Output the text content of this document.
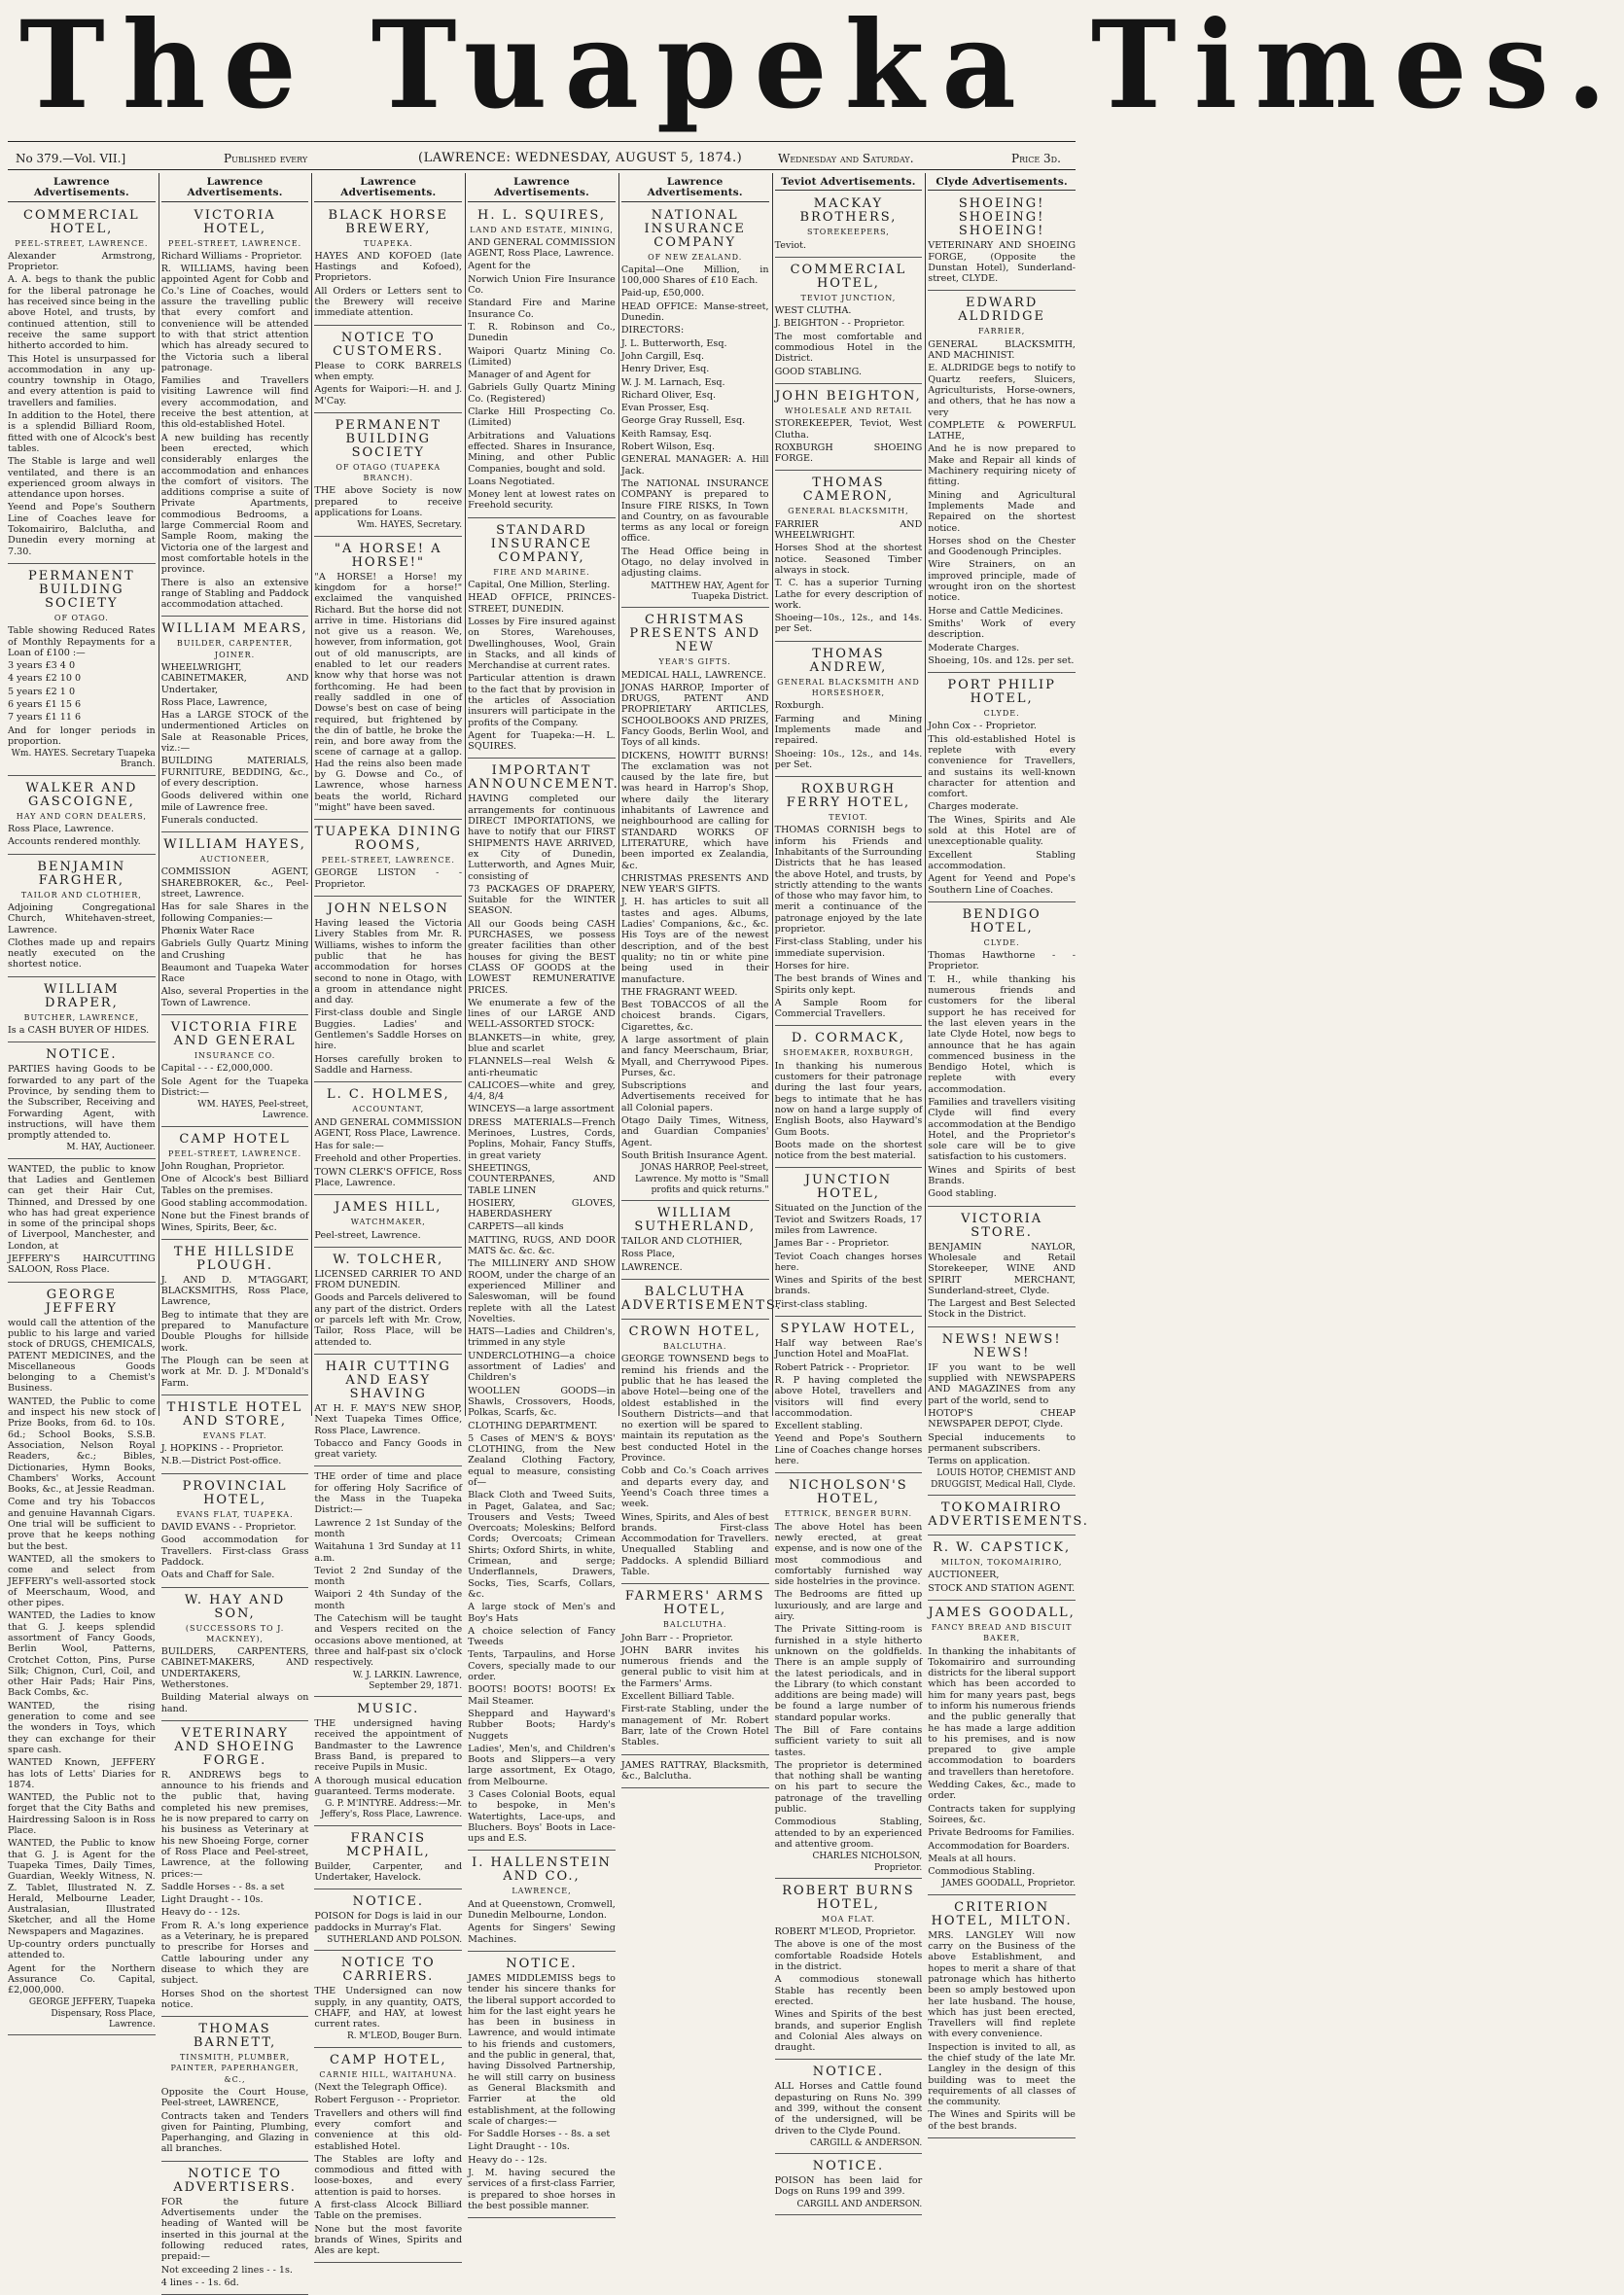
The Tuapeka Times.
No 379.—Vol. VII.]	Published every	(LAWRENCE: WEDNESDAY, AUGUST 5, 1874.)	Wednesday and Saturday.	Price 3d.
Lawrence Advertisements.
COMMERCIAL HOTEL,
PEEL-STREET, LAWRENCE.

Alexander Armstrong, Proprietor.

A. A. begs to thank the public for the liberal patronage he has received since being in the above Hotel, and trusts, by continued attention, still to receive the same support hitherto accorded to him.

This Hotel is unsurpassed for accommodation in any up-country township in Otago, and every attention is paid to travellers and families.

In addition to the Hotel, there is a splendid Billiard Room, fitted with one of Alcock's best tables.

The Stable is large and well ventilated, and there is an experienced groom always in attendance upon horses.

Yeend and Pope's Southern Line of Coaches leave for Tokomairiro, Balclutha, and Dunedin every morning at 7.30.

PERMANENT BUILDING SOCIETY
OF OTAGO.

Table showing Reduced Rates of Monthly Repayments for a Loan of £100 :—

3 years £3 4 0

4 years £2 10 0

5 years £2 1 0

6 years £1 15 6

7 years £1 11 6

And for longer periods in proportion.

Wm. HAYES. Secretary Tuapeka Branch.
WALKER AND GASCOIGNE,
HAY AND CORN DEALERS,

Ross Place, Lawrence.

Accounts rendered monthly.

BENJAMIN FARGHER,
TAILOR AND CLOTHIER,

Adjoining Congregational Church, Whitehaven-street, Lawrence.

Clothes made up and repairs neatly executed on the shortest notice.

WILLIAM DRAPER,
BUTCHER, LAWRENCE,

Is a CASH BUYER OF HIDES.

NOTICE.

PARTIES having Goods to be forwarded to any part of the Province, by sending them to the Subscriber, Receiving and Forwarding Agent, with instructions, will have them promptly attended to.

M. HAY, Auctioneer.

WANTED, the public to know that Ladies and Gentlemen can get their Hair Cut, Thinned, and Dressed by one who has had great experience in some of the principal shops of Liverpool, Manchester, and London, at

JEFFERY'S HAIRCUTTING SALOON, Ross Place.

GEORGE JEFFERY

would call the attention of the public to his large and varied stock of DRUGS, CHEMICALS, PATENT MEDICINES, and the Miscellaneous Goods belonging to a Chemist's Business.

WANTED, the Public to come and inspect his new stock of Prize Books, from 6d. to 10s. 6d.; School Books, S.S.B. Association, Nelson Royal Readers, &c.; Bibles, Dictionaries, Hymn Books, Chambers' Works, Account Books, &c., at Jessie Readman.

Come and try his Tobaccos and genuine Havannah Cigars. One trial will be sufficient to prove that he keeps nothing but the best.

WANTED, all the smokers to come and select from JEFFERY's well-assorted stock of Meerschaum, Wood, and other pipes.

WANTED, the Ladies to know that G. J. keeps splendid assortment of Fancy Goods, Berlin Wool, Patterns, Crotchet Cotton, Pins, Purse Silk; Chignon, Curl, Coil, and other Hair Pads; Hair Pins, Back Combs, &c.

WANTED, the rising generation to come and see the wonders in Toys, which they can exchange for their spare cash.

WANTED Known, JEFFERY has lots of Letts' Diaries for 1874.

WANTED, the Public not to forget that the City Baths and Hairdressing Saloon is in Ross Place.

WANTED, the Public to know that G. J. is Agent for the Tuapeka Times, Daily Times, Guardian, Weekly Witness, N. Z. Tablet, Illustrated N. Z. Herald, Melbourne Leader, Australasian, Illustrated Sketcher, and all the Home Newspapers and Magazines.

Up-country orders punctually attended to.

Agent for the Northern Assurance Co. Capital, £2,000,000.

GEORGE JEFFERY, Tuapeka Dispensary, Ross Place, Lawrence.
Lawrence Advertisements.
VICTORIA HOTEL,
PEEL-STREET, LAWRENCE.

Richard Williams - Proprietor.

R. WILLIAMS, having been appointed Agent for Cobb and Co.'s Line of Coaches, would assure the travelling public that every comfort and convenience will be attended to with that strict attention which has already secured to the Victoria such a liberal patronage.

Families and Travellers visiting Lawrence will find every accommodation, and receive the best attention, at this old-established Hotel.

A new building has recently been erected, which considerably enlarges the accommodation and enhances the comfort of visitors. The additions comprise a suite of Private Apartments, commodious Bedrooms, a large Commercial Room and Sample Room, making the Victoria one of the largest and most comfortable hotels in the province.

There is also an extensive range of Stabling and Paddock accommodation attached.

WILLIAM MEARS,
BUILDER, CARPENTER, JOINER.

WHEELWRIGHT, CABINETMAKER, AND Undertaker,

Ross Place, Lawrence,

Has a LARGE STOCK of the undermentioned Articles on Sale at Reasonable Prices, viz.:—

BUILDING MATERIALS, FURNITURE, BEDDING, &c., of every description.

Goods delivered within one mile of Lawrence free.

Funerals conducted.

WILLIAM HAYES,
AUCTIONEER,

COMMISSION AGENT, SHAREBROKER, &c., Peel-street, Lawrence.

Has for sale Shares in the following Companies:—

Phœnix Water Race

Gabriels Gully Quartz Mining and Crushing

Beaumont and Tuapeka Water Race

Also, several Properties in the Town of Lawrence.

VICTORIA FIRE AND GENERAL
INSURANCE CO.

Capital - - - £2,000,000.

Sole Agent for the Tuapeka District:—

WM. HAYES, Peel-street, Lawrence.
CAMP HOTEL
PEEL-STREET, LAWRENCE.

John Roughan, Proprietor.

One of Alcock's best Billiard Tables on the premises.

Good stabling accommodation.

None but the Finest brands of Wines, Spirits, Beer, &c.

THE HILLSIDE PLOUGH.

J. AND D. M'TAGGART, BLACKSMITHS, Ross Place, Lawrence,

Beg to intimate that they are prepared to Manufacture Double Ploughs for hillside work.

The Plough can be seen at work at Mr. D. J. M'Donald's Farm.

THISTLE HOTEL AND STORE,
EVANS FLAT.

J. HOPKINS - - Proprietor.

N.B.—District Post-office.

PROVINCIAL HOTEL,
EVANS FLAT, TUAPEKA.

DAVID EVANS - - Proprietor.

Good accommodation for Travellers. First-class Grass Paddock.

Oats and Chaff for Sale.

W. HAY AND SON,
(SUCCESSORS TO J. MACKNEY),

BUILDERS, CARPENTERS, CABINET-MAKERS, AND UNDERTAKERS, Wetherstones.

Building Material always on hand.

VETERINARY AND SHOEING FORGE.

R. ANDREWS begs to announce to his friends and the public that, having completed his new premises, he is now prepared to carry on his business as Veterinary at his new Shoeing Forge, corner of Ross Place and Peel-street, Lawrence, at the following prices:—

Saddle Horses - - 8s. a set

Light Draught - - 10s.

Heavy do - - 12s.

From R. A.'s long experience as a Veterinary, he is prepared to prescribe for Horses and Cattle labouring under any disease to which they are subject.

Horses Shod on the shortest notice.

THOMAS BARNETT,
TINSMITH, PLUMBER, PAINTER, PAPERHANGER, &C.,

Opposite the Court House, Peel-street, LAWRENCE,

Contracts taken and Tenders given for Painting, Plumbing, Paperhanging, and Glazing in all branches.

NOTICE TO ADVERTISERS.

FOR the future Advertisements under the heading of Wanted will be inserted in this journal at the following reduced rates, prepaid:—

Not exceeding 2 lines - - 1s.

4 lines - - 1s. 6d.

Lawrence Advertisements.
BLACK HORSE BREWERY,
TUAPEKA.

HAYES AND KOFOED (late Hastings and Kofoed), Proprietors.

All Orders or Letters sent to the Brewery will receive immediate attention.

NOTICE TO CUSTOMERS.

Please to CORK BARRELS when empty.

Agents for Waipori:—H. and J. M'Cay.

PERMANENT BUILDING SOCIETY
OF OTAGO (TUAPEKA BRANCH).

THE above Society is now prepared to receive applications for Loans.

Wm. HAYES, Secretary.
"A HORSE! A HORSE!"

"A HORSE! a Horse! my kingdom for a horse!" exclaimed the vanquished Richard. But the horse did not arrive in time. Historians did not give us a reason. We, however, from information, got out of old manuscripts, are enabled to let our readers know why that horse was not forthcoming. He had been really saddled in one of Dowse's best on case of being required, but frightened by the din of battle, he broke the rein, and bore away from the scene of carnage at a gallop. Had the reins also been made by G. Dowse and Co., of Lawrence, whose harness beats the world, Richard "might" have been saved.

TUAPEKA DINING ROOMS,
PEEL-STREET, LAWRENCE.

GEORGE LISTON - - Proprietor.

JOHN NELSON

Having leased the Victoria Livery Stables from Mr. R. Williams, wishes to inform the public that he has accommodation for horses second to none in Otago, with a groom in attendance night and day.

First-class double and Single Buggies. Ladies' and Gentlemen's Saddle Horses on hire.

Horses carefully broken to Saddle and Harness.

L. C. HOLMES,
ACCOUNTANT,

AND GENERAL COMMISSION AGENT, Ross Place, Lawrence.

Has for sale:—

Freehold and other Properties.

TOWN CLERK'S OFFICE, Ross Place, Lawrence.

JAMES HILL,
WATCHMAKER,

Peel-street, Lawrence.

W. TOLCHER,

LICENSED CARRIER TO AND FROM DUNEDIN.

Goods and Parcels delivered to any part of the district. Orders or parcels left with Mr. Crow, Tailor, Ross Place, will be attended to.

HAIR CUTTING AND EASY SHAVING

AT H. F. MAY'S NEW SHOP, Next Tuapeka Times Office, Ross Place, Lawrence.

Tobacco and Fancy Goods in great variety.

THE order of time and place for offering Holy Sacrifice of the Mass in the Tuapeka District:—

Lawrence 2 1st Sunday of the month

Waitahuna 1 3rd Sunday at 11 a.m.

Teviot 2 2nd Sunday of the month

Waipori 2 4th Sunday of the month

The Catechism will be taught and Vespers recited on the occasions above mentioned, at three and half-past six o'clock respectively.

W. J. LARKIN. Lawrence, September 29, 1871.
MUSIC.

THE undersigned having received the appointment of Bandmaster to the Lawrence Brass Band, is prepared to receive Pupils in Music.

A thorough musical education guaranteed. Terms moderate.

G. P. M'INTYRE. Address:—Mr. Jeffery's, Ross Place, Lawrence.
FRANCIS MCPHAIL,

Builder, Carpenter, and Undertaker, Havelock.

NOTICE.

POISON for Dogs is laid in our paddocks in Murray's Flat.

SUTHERLAND AND POLSON.
NOTICE TO CARRIERS.

THE Undersigned can now supply, in any quantity, OATS, CHAFF, and HAY, at lowest current rates.

R. M'LEOD, Bouger Burn.
CAMP HOTEL,
CARNIE HILL, WAITAHUNA.

(Next the Telegraph Office).

Robert Ferguson - - Proprietor.

Travellers and others will find every comfort and convenience at this old-established Hotel.

The Stables are lofty and commodious and fitted with loose-boxes, and every attention is paid to horses.

A first-class Alcock Billiard Table on the premises.

None but the most favorite brands of Wines, Spirits and Ales are kept.

Lawrence Advertisements.
H. L. SQUIRES,
LAND AND ESTATE, MINING,

AND GENERAL COMMISSION AGENT, Ross Place, Lawrence.

Agent for the

Norwich Union Fire Insurance Co.

Standard Fire and Marine Insurance Co.

T. R. Robinson and Co., Dunedin

Waipori Quartz Mining Co. (Limited)

Manager of and Agent for

Gabriels Gully Quartz Mining Co. (Registered)

Clarke Hill Prospecting Co. (Limited)

Arbitrations and Valuations effected. Shares in Insurance, Mining, and other Public Companies, bought and sold.

Loans Negotiated.

Money lent at lowest rates on Freehold security.

STANDARD INSURANCE COMPANY,
FIRE AND MARINE.

Capital, One Million, Sterling.

HEAD OFFICE, PRINCES-STREET, DUNEDIN.

Losses by Fire insured against on Stores, Warehouses, Dwellinghouses, Wool, Grain in Stacks, and all kinds of Merchandise at current rates.

Particular attention is drawn to the fact that by provision in the articles of Association insurers will participate in the profits of the Company.

Agent for Tuapeka:—H. L. SQUIRES.

IMPORTANT ANNOUNCEMENT.

HAVING completed our arrangements for continuous DIRECT IMPORTATIONS, we have to notify that our FIRST SHIPMENTS HAVE ARRIVED, ex City of Dunedin, Lutterworth, and Agnes Muir, consisting of

73 PACKAGES OF DRAPERY, Suitable for the WINTER SEASON.

All our Goods being CASH PURCHASES, we possess greater facilities than other houses for giving the BEST CLASS OF GOODS at the LOWEST REMUNERATIVE PRICES.

We enumerate a few of the lines of our LARGE AND WELL-ASSORTED STOCK:

BLANKETS—in white, grey, blue and scarlet

FLANNELS—real Welsh & anti-rheumatic

CALICOES—white and grey, 4/4, 8/4

WINCEYS—a large assortment

DRESS MATERIALS—French Merinoes, Lustres, Cords, Poplins, Mohair, Fancy Stuffs, in great variety

SHEETINGS, COUNTERPANES, AND TABLE LINEN

HOSIERY, GLOVES, HABERDASHERY

CARPETS—all kinds

MATTING, RUGS, AND DOOR MATS &c. &c. &c.

The MILLINERY AND SHOW ROOM, under the charge of an experienced Milliner and Saleswoman, will be found replete with all the Latest Novelties.

HATS—Ladies and Children's, trimmed in any style

UNDERCLOTHING—a choice assortment of Ladies' and Children's

WOOLLEN GOODS—in Shawls, Crossovers, Hoods, Polkas, Scarfs, &c.

CLOTHING DEPARTMENT.

5 Cases of MEN'S & BOYS' CLOTHING, from the New Zealand Clothing Factory, equal to measure, consisting of—

Black Cloth and Tweed Suits, in Paget, Galatea, and Sac; Trousers and Vests; Tweed Overcoats; Moleskins; Belford Cords; Overcoats; Crimean Shirts; Oxford Shirts, in white, Crimean, and serge; Underflannels, Drawers, Socks, Ties, Scarfs, Collars, &c.

A large stock of Men's and Boy's Hats

A choice selection of Fancy Tweeds

Tents, Tarpaulins, and Horse Covers, specially made to our order.

BOOTS! BOOTS! BOOTS! Ex Mail Steamer.

Sheppard and Hayward's Rubber Boots; Hardy's Nuggets

Ladies', Men's, and Children's Boots and Slippers—a very large assortment, Ex Otago, from Melbourne.

3 Cases Colonial Boots, equal to bespoke, in Men's Watertights, Lace-ups, and Bluchers. Boys' Boots in Lace-ups and E.S.

I. HALLENSTEIN AND CO.,
LAWRENCE,

And at Queenstown, Cromwell, Dunedin Melbourne, London.

Agents for Singers' Sewing Machines.

NOTICE.

JAMES MIDDLEMISS begs to tender his sincere thanks for the liberal support accorded to him for the last eight years he has been in business in Lawrence, and would intimate to his friends and customers, and the public in general, that, having Dissolved Partnership, he will still carry on business as General Blacksmith and Farrier at the old establishment, at the following scale of charges:—

For Saddle Horses - - 8s. a set

Light Draught - - 10s.

Heavy do - - 12s.

J. M. having secured the services of a first-class Farrier, is prepared to shoe horses in the best possible manner.

Lawrence Advertisements.
NATIONAL INSURANCE COMPANY
OF NEW ZEALAND.

Capital—One Million, in 100,000 Shares of £10 Each.

Paid-up, £50,000.

HEAD OFFICE: Manse-street, Dunedin.

DIRECTORS:

J. L. Butterworth, Esq.

John Cargill, Esq.

Henry Driver, Esq.

W. J. M. Larnach, Esq.

Richard Oliver, Esq.

Evan Prosser, Esq.

George Gray Russell, Esq.

Keith Ramsay, Esq.

Robert Wilson, Esq.

GENERAL MANAGER: A. Hill Jack.

The NATIONAL INSURANCE COMPANY is prepared to Insure FIRE RISKS, In Town and Country, on as favourable terms as any local or foreign office.

The Head Office being in Otago, no delay involved in adjusting claims.

MATTHEW HAY, Agent for Tuapeka District.
CHRISTMAS PRESENTS AND NEW
YEAR'S GIFTS.

MEDICAL HALL, LAWRENCE.

JONAS HARROP, Importer of DRUGS, PATENT AND PROPRIETARY ARTICLES, SCHOOLBOOKS AND PRIZES, Fancy Goods, Berlin Wool, and Toys of all kinds.

DICKENS, HOWITT BURNS! The exclamation was not caused by the late fire, but was heard in Harrop's Shop, where daily the literary inhabitants of Lawrence and neighbourhood are calling for STANDARD WORKS OF LITERATURE, which have been imported ex Zealandia, &c.

CHRISTMAS PRESENTS AND NEW YEAR'S GIFTS.

J. H. has articles to suit all tastes and ages. Albums, Ladies' Companions, &c., &c. His Toys are of the newest description, and of the best quality; no tin or white pine being used in their manufacture.

THE FRAGRANT WEED.

Best TOBACCOS of all the choicest brands. Cigars, Cigarettes, &c.

A large assortment of plain and fancy Meerschaum, Briar, Myall, and Cherrywood Pipes. Purses, &c.

Subscriptions and Advertisements received for all Colonial papers.

Otago Daily Times, Witness, and Guardian Companies' Agent.

South British Insurance Agent.

JONAS HARROP, Peel-street, Lawrence. My motto is "Small profits and quick returns."
WILLIAM SUTHERLAND,

TAILOR AND CLOTHIER,

Ross Place,

LAWRENCE.

BALCLUTHA ADVERTISEMENTS.
CROWN HOTEL,
BALCLUTHA.

GEORGE TOWNSEND begs to remind his friends and the public that he has leased the above Hotel—being one of the oldest established in the Southern Districts—and that no exertion will be spared to maintain its reputation as the best conducted Hotel in the Province.

Cobb and Co.'s Coach arrives and departs every day, and Yeend's Coach three times a week.

Wines, Spirits, and Ales of best brands. First-class Accommodation for Travellers. Unequalled Stabling and Paddocks. A splendid Billiard Table.

FARMERS' ARMS HOTEL,
BALCLUTHA.

John Barr - - Proprietor.

JOHN BARR invites his numerous friends and the general public to visit him at the Farmers' Arms.

Excellent Billiard Table.

First-rate Stabling, under the management of Mr. Robert Barr, late of the Crown Hotel Stables.

JAMES RATTRAY, Blacksmith, &c., Balclutha.

Teviot Advertisements.
MACKAY BROTHERS,
STOREKEEPERS,

Teviot.

COMMERCIAL HOTEL,
TEVIOT JUNCTION,

WEST CLUTHA.

J. BEIGHTON - - Proprietor.

The most comfortable and commodious Hotel in the District.

GOOD STABLING.

JOHN BEIGHTON,
WHOLESALE AND RETAIL

STOREKEEPER, Teviot, West Clutha.

ROXBURGH SHOEING FORGE.

THOMAS CAMERON,
GENERAL BLACKSMITH,

FARRIER AND WHEELWRIGHT.

Horses Shod at the shortest notice. Seasoned Timber always in stock.

T. C. has a superior Turning Lathe for every description of work.

Shoeing—10s., 12s., and 14s. per Set.

THOMAS ANDREW,
GENERAL BLACKSMITH AND HORSESHOER,

Roxburgh.

Farming and Mining Implements made and repaired.

Shoeing: 10s., 12s., and 14s. per Set.

ROXBURGH FERRY HOTEL,
TEVIOT.

THOMAS CORNISH begs to inform his Friends and Inhabitants of the Surrounding Districts that he has leased the above Hotel, and trusts, by strictly attending to the wants of those who may favor him, to merit a continuance of the patronage enjoyed by the late proprietor.

First-class Stabling, under his immediate supervision.

Horses for hire.

The best brands of Wines and Spirits only kept.

A Sample Room for Commercial Travellers.

D. CORMACK,
SHOEMAKER, ROXBURGH,

In thanking his numerous customers for their patronage during the last four years, begs to intimate that he has now on hand a large supply of English Boots, also Hayward's Gum Boots.

Boots made on the shortest notice from the best material.

JUNCTION HOTEL,

Situated on the Junction of the Teviot and Switzers Roads, 17 miles from Lawrence.

James Bar - - Proprietor.

Teviot Coach changes horses here.

Wines and Spirits of the best brands.

First-class stabling.

SPYLAW HOTEL,

Half way between Rae's Junction Hotel and MoaFlat.

Robert Patrick - - Proprietor.

R. P having completed the above Hotel, travellers and visitors will find every accommodation.

Excellent stabling.

Yeend and Pope's Southern Line of Coaches change horses here.

NICHOLSON'S HOTEL,
ETTRICK, BENGER BURN.

The above Hotel has been newly erected, at great expense, and is now one of the most commodious and comfortably furnished way side hostelries in the province.

The Bedrooms are fitted up luxuriously, and are large and airy.

The Private Sitting-room is furnished in a style hitherto unknown on the goldfields. There is an ample supply of the latest periodicals, and in the Library (to which constant additions are being made) will be found a large number of standard popular works.

The Bill of Fare contains sufficient variety to suit all tastes.

The proprietor is determined that nothing shall be wanting on his part to secure the patronage of the travelling public.

Commodious Stabling, attended to by an experienced and attentive groom.

CHARLES NICHOLSON, Proprietor.
ROBERT BURNS HOTEL,
MOA FLAT.

ROBERT M'LEOD, Proprietor.

The above is one of the most comfortable Roadside Hotels in the district.

A commodious stonewall Stable has recently been erected.

Wines and Spirits of the best brands, and superior English and Colonial Ales always on draught.

NOTICE.

ALL Horses and Cattle found depasturing on Runs No. 399 and 399, without the consent of the undersigned, will be driven to the Clyde Pound.

CARGILL & ANDERSON.
NOTICE.

POISON has been laid for Dogs on Runs 199 and 399.

CARGILL AND ANDERSON.
Clyde Advertisements.
SHOEING! SHOEING! SHOEING!

VETERINARY AND SHOEING FORGE, (Opposite the Dunstan Hotel), Sunderland-street, CLYDE.

EDWARD ALDRIDGE
FARRIER,

GENERAL BLACKSMITH, AND MACHINIST.

E. ALDRIDGE begs to notify to Quartz reefers, Sluicers, Agriculturists, Horse-owners, and others, that he has now a very

COMPLETE & POWERFUL LATHE,

And he is now prepared to Make and Repair all kinds of Machinery requiring nicety of fitting.

Mining and Agricultural Implements Made and Repaired on the shortest notice.

Horses shod on the Chester and Goodenough Principles.

Wire Strainers, on an improved principle, made of wrought iron on the shortest notice.

Horse and Cattle Medicines.

Smiths' Work of every description.

Moderate Charges.

Shoeing, 10s. and 12s. per set.

PORT PHILIP HOTEL,
CLYDE.

John Cox - - Proprietor.

This old-established Hotel is replete with every convenience for Travellers, and sustains its well-known character for attention and comfort.

Charges moderate.

The Wines, Spirits and Ale sold at this Hotel are of unexceptionable quality.

Excellent Stabling accommodation.

Agent for Yeend and Pope's Southern Line of Coaches.

BENDIGO HOTEL,
CLYDE.

Thomas Hawthorne - - Proprietor.

T. H., while thanking his numerous friends and customers for the liberal support he has received for the last eleven years in the late Clyde Hotel, now begs to announce that he has again commenced business in the Bendigo Hotel, which is replete with every accommodation.

Families and travellers visiting Clyde will find every accommodation at the Bendigo Hotel, and the Proprietor's sole care will be to give satisfaction to his customers.

Wines and Spirits of best Brands.

Good stabling.

VICTORIA STORE.

BENJAMIN NAYLOR, Wholesale and Retail Storekeeper, WINE AND SPIRIT MERCHANT, Sunderland-street, Clyde.

The Largest and Best Selected Stock in the District.

NEWS! NEWS! NEWS!

IF you want to be well supplied with NEWSPAPERS AND MAGAZINES from any part of the world, send to

HOTOP'S CHEAP NEWSPAPER DEPOT, Clyde.

Special inducements to permanent subscribers.

Terms on application.

LOUIS HOTOP, CHEMIST AND DRUGGIST, Medical Hall, Clyde.
TOKOMAIRIRO ADVERTISEMENTS.
R. W. CAPSTICK,
MILTON, TOKOMAIRIRO,

AUCTIONEER,

STOCK AND STATION AGENT.

JAMES GOODALL,
FANCY BREAD AND BISCUIT BAKER,

In thanking the inhabitants of Tokomairiro and surrounding districts for the liberal support which has been accorded to him for many years past, begs to inform his numerous friends and the public generally that he has made a large addition to his premises, and is now prepared to give ample accommodation to boarders and travellers than heretofore.

Wedding Cakes, &c., made to order.

Contracts taken for supplying Soirees, &c.

Private Bedrooms for Families.

Accommodation for Boarders.

Meals at all hours.

Commodious Stabling.

JAMES GOODALL, Proprietor.
CRITERION HOTEL, MILTON.

MRS. LANGLEY Will now carry on the Business of the above Establishment, and hopes to merit a share of that patronage which has hitherto been so amply bestowed upon her late husband. The house, which has just been erected, Travellers will find replete with every convenience.

Inspection is invited to all, as the chief study of the late Mr. Langley in the design of this building was to meet the requirements of all classes of the community.

The Wines and Spirits will be of the best brands.
